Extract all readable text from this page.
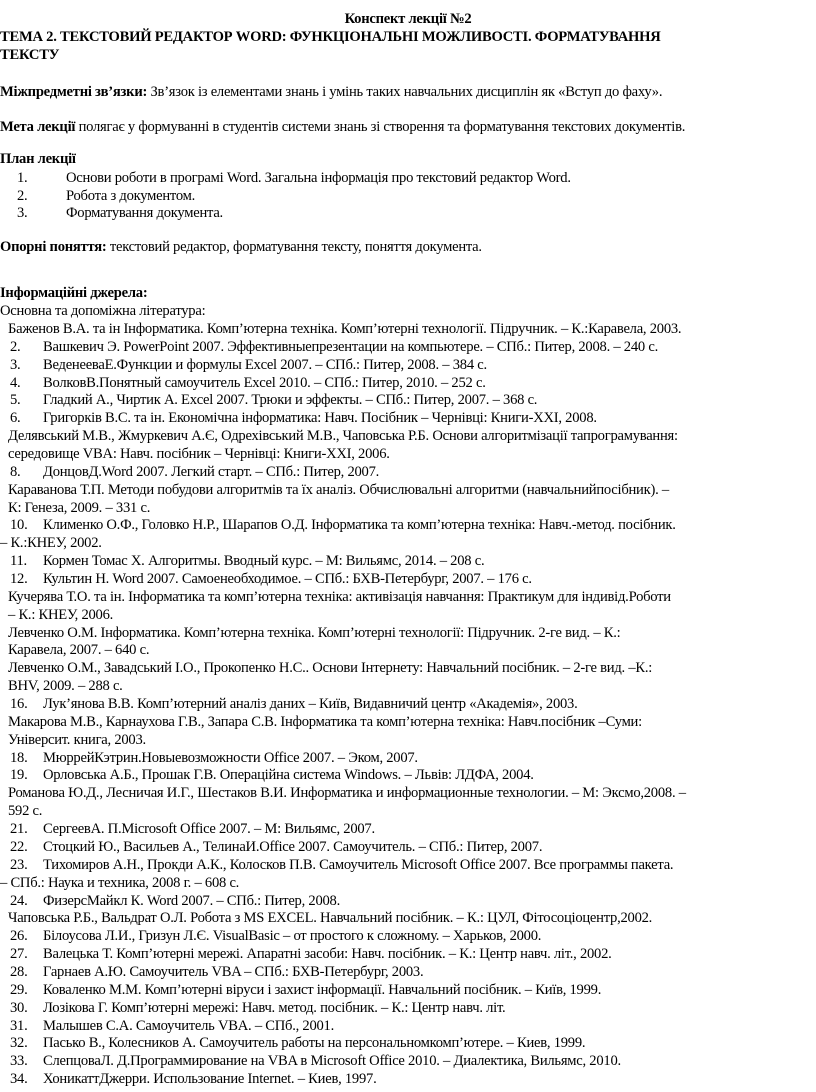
Конспект лекції №2
ТЕМА 2. ТЕКСТОВИЙ РЕДАКТОР WORD: ФУНКЦІОНАЛЬНІ МОЖЛИВОСТІ. ФОРМАТУВАННЯ
ТЕКСТУ
Міжпредметні зв’язки: Зв’язок із елементами знань і умінь таких навчальних дисциплін як «Вступ до фаху».
Мета лекції полягає у формуванні в студентів системи знань зі створення та форматування текстових документів.
План лекції
1.	Основи роботи в програмі Word. Загальна інформація про текстовий редактор Word.
2.	Робота з документом.
3.	Форматування документа.
Опорні поняття: текстовий редактор, форматування тексту, поняття документа.
Інформаційні джерела:
Основна та допоміжна література:
Баженов В.А. та ін Інформатика. Комп’ютерна техніка. Комп’ютерні технології. Підручник. – К.:Каравела, 2003.
2. Вашкевич Э. PowerPoint 2007. Эффективныепрезентации на компьютере. – СПб.: Питер, 2008. – 240 с.
3. ВеденееваЕ.Функции и формулы Excel 2007. – СПб.: Питер, 2008. – 384 с.
4. ВолковВ.Понятный самоучитель Excel 2010. – СПб.: Питер, 2010. – 252 с.
5. Гладкий А., Чиртик А. Excel 2007. Трюки и эффекты. – СПб.: Питер, 2007. – 368 с.
6. Григорків В.С. та ін. Економічна інформатика: Навч. Посібник – Чернівці: Книги-XXI, 2008.
Делявський М.В., Жмуркевич А.Є, Одрехівський М.В., Чаповська Р.Б. Основи алгоритмізації тапрограмування:
середовище VBA: Навч. посібник – Чернівці: Книги-XXI, 2006.
8. ДонцовД.Word 2007. Легкий старт. – СПб.: Питер, 2007.
Караванова Т.П. Методи побудови алгоритмів та їх аналіз. Обчислювальні алгоритми (навчальнийпосібник). –
К: Генеза, 2009. – 331 с.
10. Клименко О.Ф., Головко Н.Р., Шарапов О.Д. Інформатика та комп’ютерна техніка: Навч.-метод. посібник.
– К.:КНЕУ, 2002.
11. Кормен Томас Х. Алгоритмы. Вводный курс. – М: Вильямс, 2014. – 208 с.
12. Культин Н. Word 2007. Самоенеобходимое. – СПб.: БХВ-Петербург, 2007. – 176 с.
Кучерява Т.О. та ін. Інформатика та комп’ютерна техніка: активізація навчання: Практикум для індивід.Роботи
– К.: КНЕУ, 2006.
Левченко О.М. Інформатика. Комп’ютерна техніка. Комп’ютерні технології: Підручник. 2-ге вид. – К.:
Каравела, 2007. – 640 с.
Левченко О.М., Завадський І.О., Прокопенко Н.С.. Основи Інтернету: Навчальний посібник. – 2-ге вид. –К.:
BHV, 2009. – 288 с.
16. Лук’янова В.В. Комп’ютерний аналіз даних – Київ, Видавничий центр «Академія», 2003.
Макарова М.В., Карнаухова Г.В., Запара С.В. Інформатика та комп’ютерна техніка: Навч.посібник –Суми:
Університ. книга, 2003.
18. МюррейКэтрин.Новыевозможности Office 2007. – Эком, 2007.
19. Орловська А.Б., Прошак Г.В. Операційна система Windows. – Львів: ЛДФА, 2004.
Романова Ю.Д., Лесничая И.Г., Шестаков В.И. Информатика и информационные технологии. – М: Эксмо,2008. –
592 с.
21. СергеевА. П.Microsoft Office 2007. – М: Вильямс, 2007.
22. Стоцкий Ю., Васильев А., ТелинаИ.Office 2007. Самоучитель. – СПб.: Питер, 2007.
23. Тихомиров А.Н., Прокди А.К., Колосков П.В. Самоучитель Microsoft Office 2007. Все программы пакета.
– СПб.: Наука и техника, 2008 г. – 608 с.
24. ФизерсМайкл К. Word 2007. – СПб.: Питер, 2008.
Чаповська Р.Б., Вальдрат О.Л. Робота з MS EXCEL. Навчальний посібник. – К.: ЦУЛ, Фітосоціоцентр,2002.
26. Білоусова Л.И., Гризун Л.Є. VisualBasic – от простого к сложному. – Харьков, 2000.
27. Валецька Т. Комп’ютерні мережі. Апаратні засоби: Навч. посібник. – К.: Центр навч. літ., 2002.
28. Гарнаев А.Ю. Самоучитель VBA – СПб.: БХВ-Петербург, 2003.
29. Коваленко М.М. Комп’ютерні віруси і захист інформації. Навчальний посібник. – Київ, 1999.
30. Лозікова Г. Комп’ютерні мережі: Навч. метод. посібник. – К.: Центр навч. літ.
31. Малышев С.А. Самоучитель VBA. – СПб., 2001.
32. Пасько В., Колесников А. Самоучитель работы на персональномкомп’ютере. – Киев, 1999.
33. СлепцоваЛ. Д.Программирование на VBA в Microsoft Office 2010. – Диалектика, Вильямс, 2010.
34. ХоникаттДжерри. Использование Internet. – Киев, 1997.
